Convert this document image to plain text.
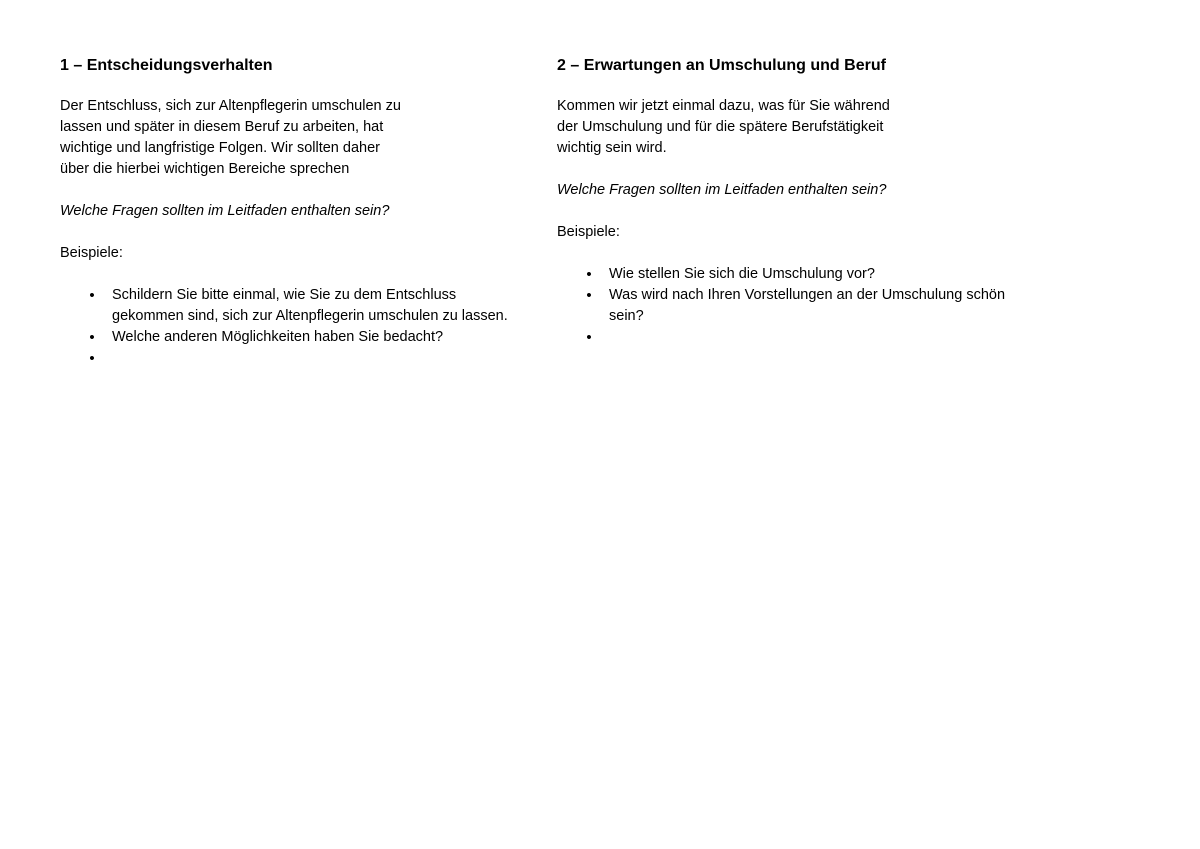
1 – Entscheidungsverhalten

Der Entschluss, sich zur Altenpflegerin umschulen zu
lassen und später in diesem Beruf zu arbeiten, hat
wichtige und langfristige Folgen. Wir sollten daher
über die hierbei wichtigen Bereiche sprechen

Welche Fragen sollten im Leitfaden enthalten sein?

Beispiele:

• Schildern Sie bitte einmal, wie Sie zu dem Entschluss
gekommen sind, sich zur Altenpflegerin umschulen zu lassen.
• Welche anderen Möglichkeiten haben Sie bedacht?
•
2 – Erwartungen an Umschulung und Beruf

Kommen wir jetzt einmal dazu, was für Sie während
der Umschulung und für die spätere Berufstätigkeit
wichtig sein wird.

Welche Fragen sollten im Leitfaden enthalten sein?

Beispiele:

• Wie stellen Sie sich die Umschulung vor?
• Was wird nach Ihren Vorstellungen an der Umschulung schön
sein?
•
